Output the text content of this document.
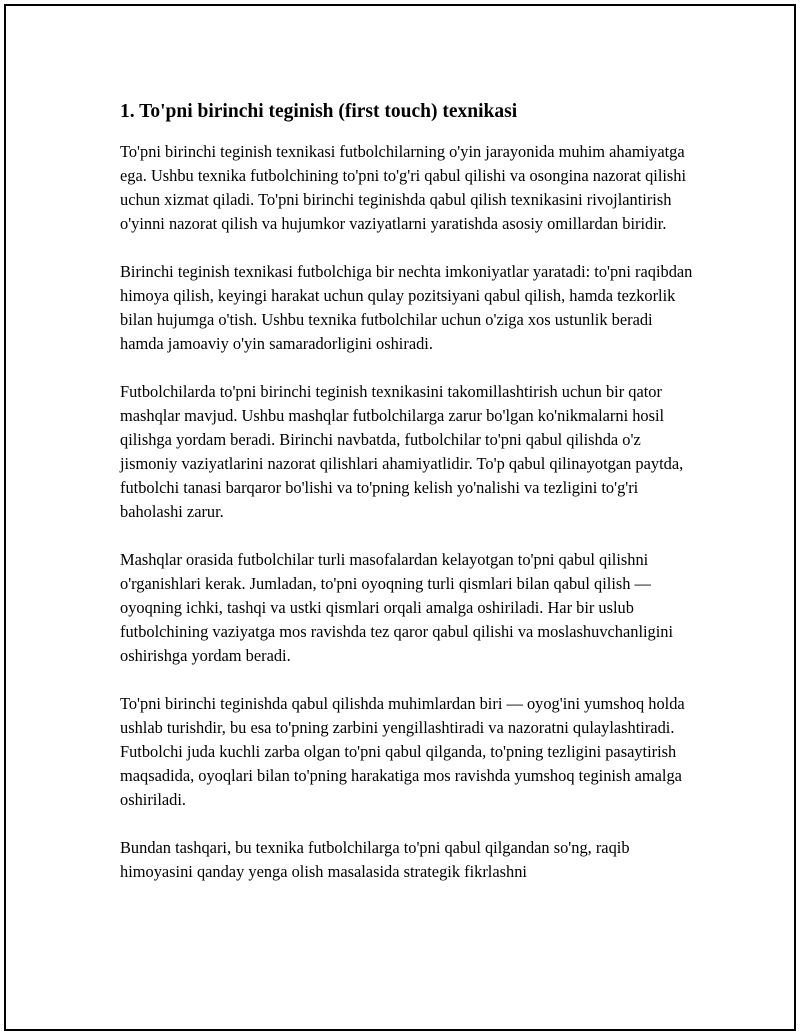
1. To'pni birinchi teginish (first touch) texnikasi

To'pni birinchi teginish texnikasi futbolchilarning o'yin jarayonida muhim ahamiyatga ega. Ushbu texnika futbolchining to'pni to'g'ri qabul qilishi va osongina nazorat qilishi uchun xizmat qiladi. To'pni birinchi teginishda qabul qilish texnikasini rivojlantirish o'yinni nazorat qilish va hujumkor vaziyatlarni yaratishda asosiy omillardan biridir.

Birinchi teginish texnikasi futbolchiga bir nechta imkoniyatlar yaratadi: to'pni raqibdan himoya qilish, keyingi harakat uchun qulay pozitsiyani qabul qilish, hamda tezkorlik bilan hujumga o'tish. Ushbu texnika futbolchilar uchun o'ziga xos ustunlik beradi hamda jamoaviy o'yin samaradorligini oshiradi.

Futbolchilarda to'pni birinchi teginish texnikasini takomillashtirish uchun bir qator mashqlar mavjud. Ushbu mashqlar futbolchilarga zarur bo'lgan ko'nikmalarni hosil qilishga yordam beradi. Birinchi navbatda, futbolchilar to'pni qabul qilishda o'z jismoniy vaziyatlarini nazorat qilishlari ahamiyatlidir. To'p qabul qilinayotgan paytda, futbolchi tanasi barqaror bo'lishi va to'pning kelish yo'nalishi va tezligini to'g'ri baholashi zarur.

Mashqlar orasida futbolchilar turli masofalardan kelayotgan to'pni qabul qilishni o'rganishlari kerak. Jumladan, to'pni oyoqning turli qismlari bilan qabul qilish — oyoqning ichki, tashqi va ustki qismlari orqali amalga oshiriladi. Har bir uslub futbolchining vaziyatga mos ravishda tez qaror qabul qilishi va moslashuvchanligini oshirishga yordam beradi.

To'pni birinchi teginishda qabul qilishda muhimlardan biri — oyog'ini yumshoq holda ushlab turishdir, bu esa to'pning zarbini yengillashtiradi va nazoratni qulaylashtiradi. Futbolchi juda kuchli zarba olgan to'pni qabul qilganda, to'pning tezligini pasaytirish maqsadida, oyoqlari bilan to'pning harakatiga mos ravishda yumshoq teginish amalga oshiriladi.

Bundan tashqari, bu texnika futbolchilarga to'pni qabul qilgandan so'ng, raqib himoyasini qanday yenga olish masalasida strategik fikrlashni
